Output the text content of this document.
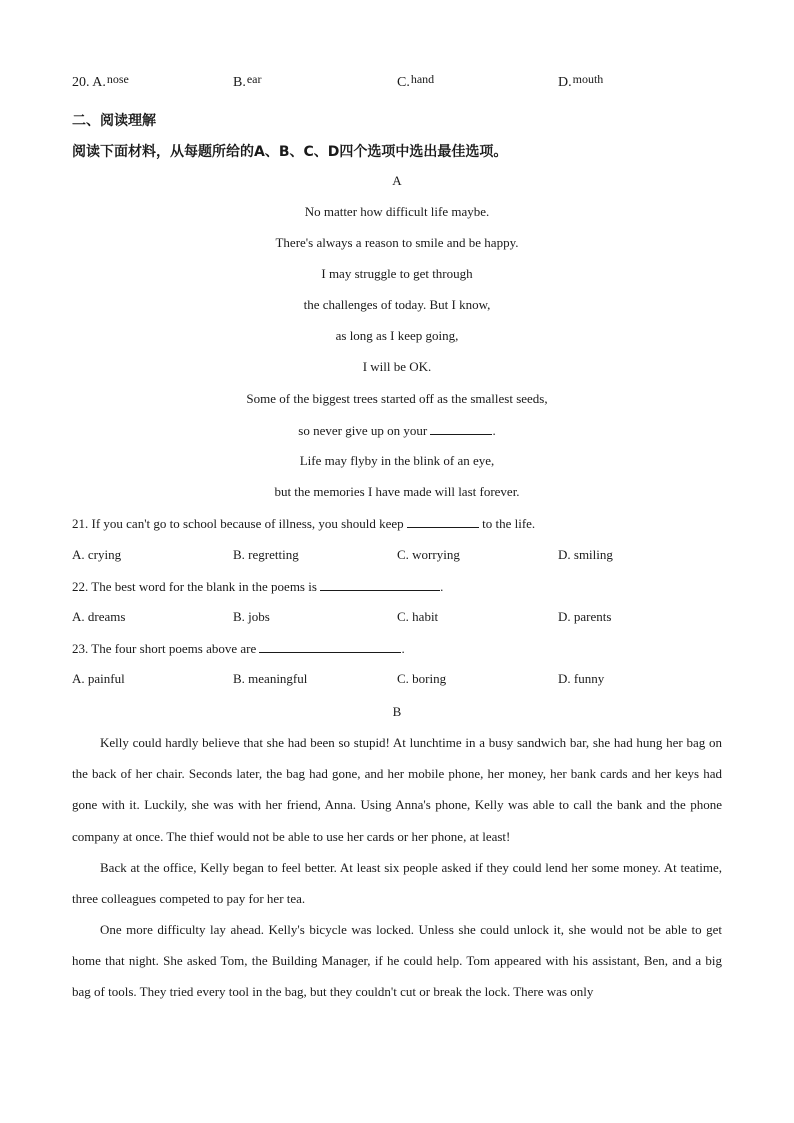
20. A.nose	B.ear	C.hand	D.mouth
二、阅读理解
阅读下面材料，从每题所给的A、B、C、D四个选项中选出最佳选项。
A
No matter how difficult life maybe.
There's always a reason to smile and be happy.
I may struggle to get through
the challenges of today. But I know,
as long as I keep going,
I will be OK.
Some of the biggest trees started off as the smallest seeds,
so never give up on your	.
Life may flyby in the blink of an eye,
but the memories I have made will last forever.
21. If you can't go to school because of illness, you should keep	to the life.
A. crying	B. regretting	C. worrying	D. smiling
22. The best word for the blank in the poems is	.
A. dreams	B. jobs	C. habit	D. parents
23. The four short poems above are	.
A. painful	B. meaningful	C. boring	D. funny
B

Kelly could hardly believe that she had been so stupid! At lunchtime in a busy sandwich bar, she had hung her bag on the back of her chair. Seconds later, the bag had gone, and her mobile phone, her money, her bank cards and her keys had gone with it. Luckily, she was with her friend, Anna. Using Anna's phone, Kelly was able to call the bank and the phone company at once. The thief would not be able to use her cards or her phone, at least!

Back at the office, Kelly began to feel better. At least six people asked if they could lend her some money. At teatime, three colleagues competed to pay for her tea.

One more difficulty lay ahead. Kelly's bicycle was locked. Unless she could unlock it, she would not be able to get home that night. She asked Tom, the Building Manager, if he could help. Tom appeared with his assistant, Ben, and a big bag of tools. They tried every tool in the bag, but they couldn't cut or break the lock. There was only
